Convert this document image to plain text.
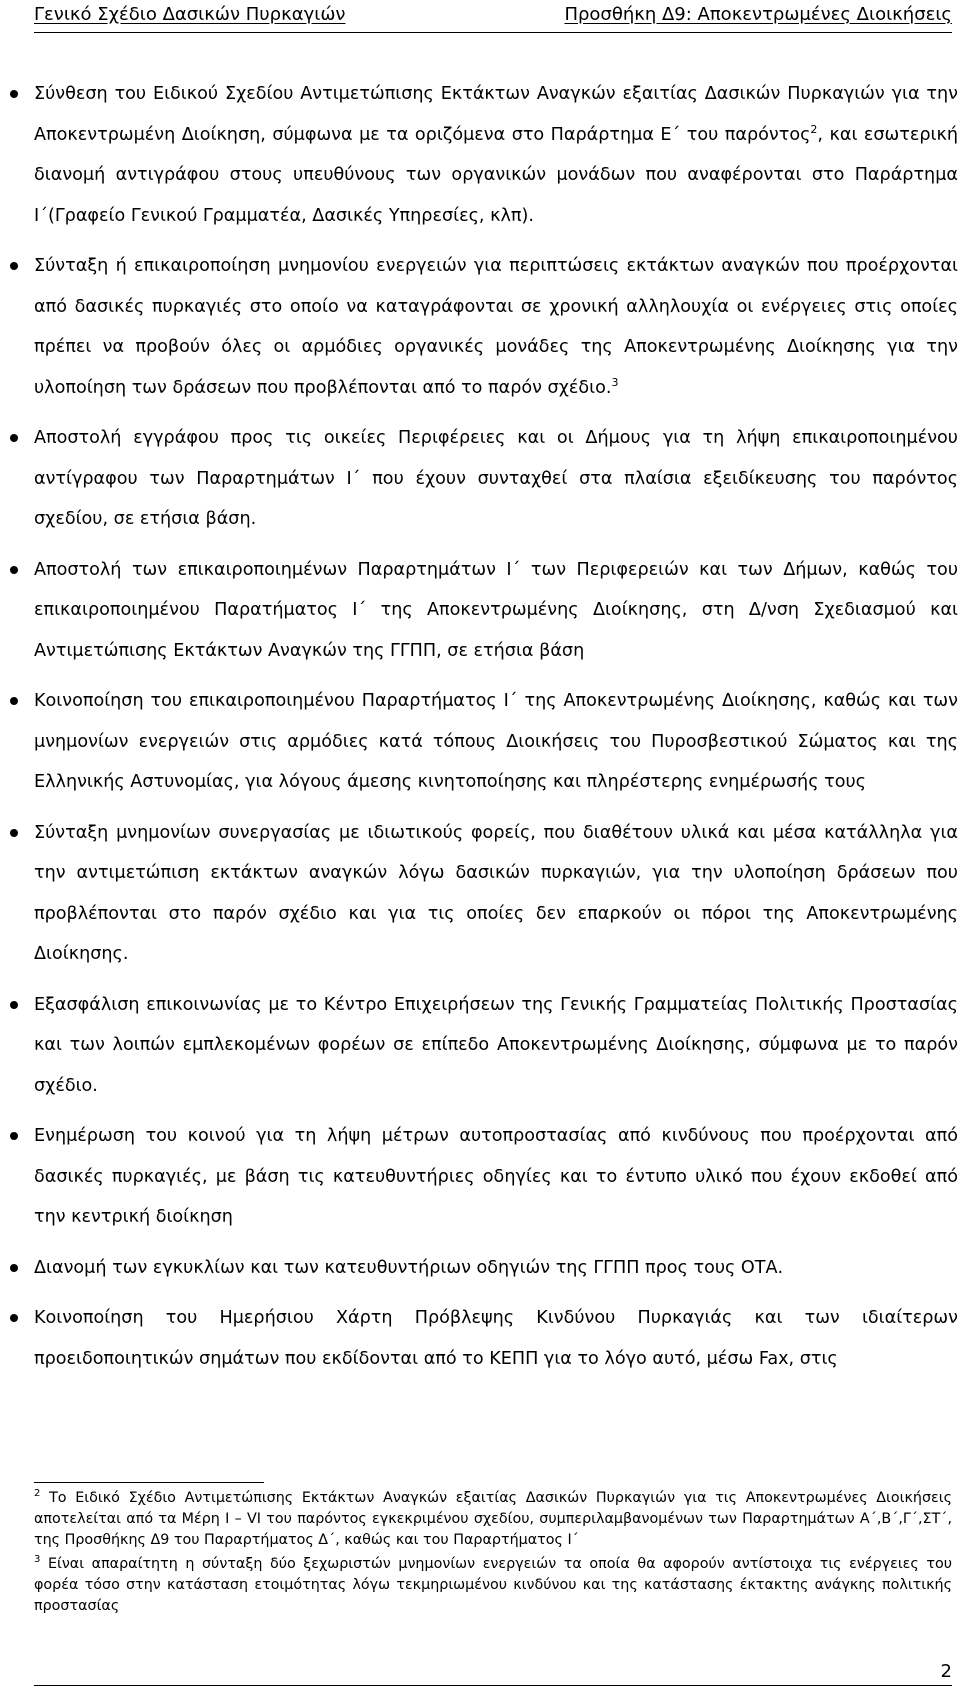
Γενικό Σχέδιο Δασικών Πυρκαγιών	Προσθήκη Δ9: Αποκεντρωμένες Διοικήσεις
Σύνθεση του Ειδικού Σχεδίου Αντιμετώπισης Εκτάκτων Αναγκών εξαιτίας Δασικών Πυρκαγιών για την Αποκεντρωμένη Διοίκηση, σύμφωνα με τα οριζόμενα στο Παράρτημα Ε΄ του παρόντος$^2$, και εσωτερική διανομή αντιγράφου στους υπευθύνους των οργανικών μονάδων που αναφέρονται στο Παράρτημα Ι΄(Γραφείο Γενικού Γραμματέα, Δασικές Υπηρεσίες, κλπ).
Σύνταξη ή επικαιροποίηση μνημονίου ενεργειών για περιπτώσεις εκτάκτων αναγκών που προέρχονται από δασικές πυρκαγιές στο οποίο να καταγράφονται σε χρονική αλληλουχία οι ενέργειες στις οποίες πρέπει να προβούν όλες οι αρμόδιες οργανικές μονάδες της Αποκεντρωμένης Διοίκησης για την υλοποίηση των δράσεων που προβλέπονται από το παρόν σχέδιο.$^3$
Αποστολή εγγράφου προς τις οικείες Περιφέρειες και οι Δήμους για τη λήψη επικαιροποιημένου αντίγραφου των Παραρτημάτων Ι΄ που έχουν συνταχθεί στα πλαίσια εξειδίκευσης του παρόντος σχεδίου, σε ετήσια βάση.
Αποστολή των επικαιροποιημένων Παραρτημάτων Ι΄ των Περιφερειών και των Δήμων, καθώς του επικαιροποιημένου Παρατήματος Ι΄ της Αποκεντρωμένης Διοίκησης, στη Δ/νση Σχεδιασμού και Αντιμετώπισης Εκτάκτων Αναγκών της ΓΓΠΠ, σε ετήσια βάση
Κοινοποίηση του επικαιροποιημένου Παραρτήματος Ι΄ της Αποκεντρωμένης Διοίκησης, καθώς και των μνημονίων ενεργειών στις αρμόδιες κατά τόπους Διοικήσεις του Πυροσβεστικού Σώματος και της Ελληνικής Αστυνομίας, για λόγους άμεσης κινητοποίησης και πληρέστερης ενημέρωσής τους
Σύνταξη μνημονίων συνεργασίας με ιδιωτικούς φορείς, που διαθέτουν υλικά και μέσα κατάλληλα για την αντιμετώπιση εκτάκτων αναγκών λόγω δασικών πυρκαγιών, για την υλοποίηση δράσεων που προβλέπονται στο παρόν σχέδιο και για τις οποίες δεν επαρκούν οι πόροι της Αποκεντρωμένης Διοίκησης.
Εξασφάλιση επικοινωνίας με το Κέντρο Επιχειρήσεων της Γενικής Γραμματείας Πολιτικής Προστασίας και των λοιπών εμπλεκομένων φορέων σε επίπεδο Αποκεντρωμένης Διοίκησης, σύμφωνα με το παρόν σχέδιο.
Ενημέρωση του κοινού για τη λήψη μέτρων αυτοπροστασίας από κινδύνους που προέρχονται από δασικές πυρκαγιές, με βάση τις κατευθυντήριες οδηγίες και το έντυπο υλικό που έχουν εκδοθεί από την κεντρική διοίκηση
Διανομή των εγκυκλίων και των κατευθυντήριων οδηγιών της ΓΓΠΠ προς τους ΟΤΑ.
Κοινοποίηση του Ημερήσιου Χάρτη Πρόβλεψης Κινδύνου Πυρκαγιάς και των ιδιαίτερων προειδοποιητικών σημάτων που εκδίδονται από το ΚΕΠΠ για το λόγο αυτό, μέσω Fax, στις

$^2$ Το Ειδικό Σχέδιο Αντιμετώπισης Εκτάκτων Αναγκών εξαιτίας Δασικών Πυρκαγιών για τις Αποκεντρωμένες Διοικήσεις αποτελείται από τα Μέρη Ι – VI του παρόντος εγκεκριμένου σχεδίου, συμπεριλαμβανομένων των Παραρτημάτων Α΄,Β΄,Γ΄,ΣΤ΄, της Προσθήκης Δ9 του Παραρτήματος Δ΄, καθώς και του Παραρτήματος Ι΄

$^3$ Είναι απαραίτητη η σύνταξη δύο ξεχωριστών μνημονίων ενεργειών τα οποία θα αφορούν αντίστοιχα τις ενέργειες του φορέα τόσο στην κατάσταση ετοιμότητας λόγω τεκμηριωμένου κινδύνου και της κατάστασης έκτακτης ανάγκης πολιτικής προστασίας

2
